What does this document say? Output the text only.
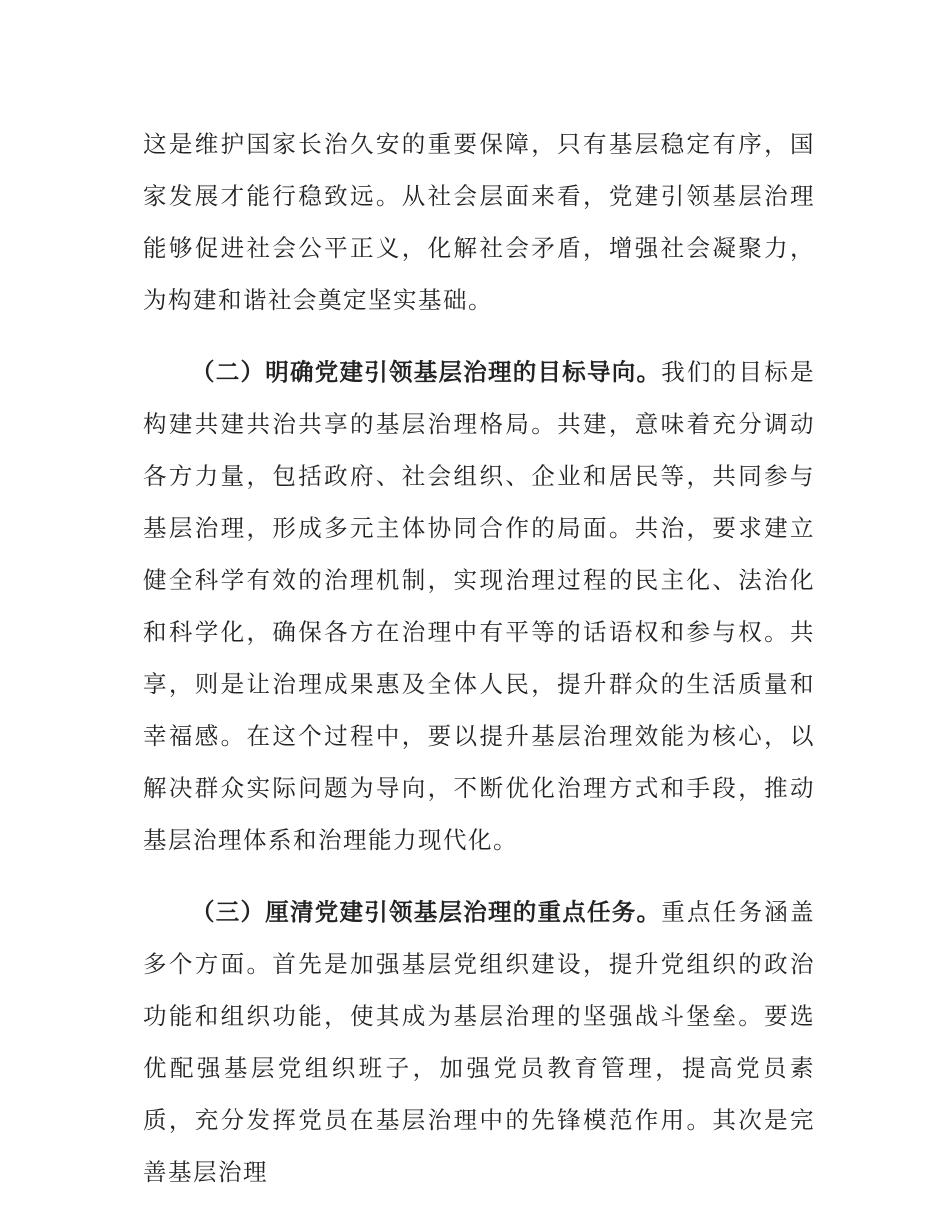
这是维护国家长治久安的重要保障，只有基层稳定有序，国家发展才能行稳致远。从社会层面来看，党建引领基层治理能够促进社会公平正义，化解社会矛盾，增强社会凝聚力，为构建和谐社会奠定坚实基础。

（二）明确党建引领基层治理的目标导向。我们的目标是构建共建共治共享的基层治理格局。共建，意味着充分调动各方力量，包括政府、社会组织、企业和居民等，共同参与基层治理，形成多元主体协同合作的局面。共治，要求建立健全科学有效的治理机制，实现治理过程的民主化、法治化和科学化，确保各方在治理中有平等的话语权和参与权。共享，则是让治理成果惠及全体人民，提升群众的生活质量和幸福感。在这个过程中，要以提升基层治理效能为核心，以解决群众实际问题为导向，不断优化治理方式和手段，推动基层治理体系和治理能力现代化。

（三）厘清党建引领基层治理的重点任务。重点任务涵盖多个方面。首先是加强基层党组织建设，提升党组织的政治功能和组织功能，使其成为基层治理的坚强战斗堡垒。要选优配强基层党组织班子，加强党员教育管理，提高党员素质，充分发挥党员在基层治理中的先锋模范作用。其次是完善基层治理
